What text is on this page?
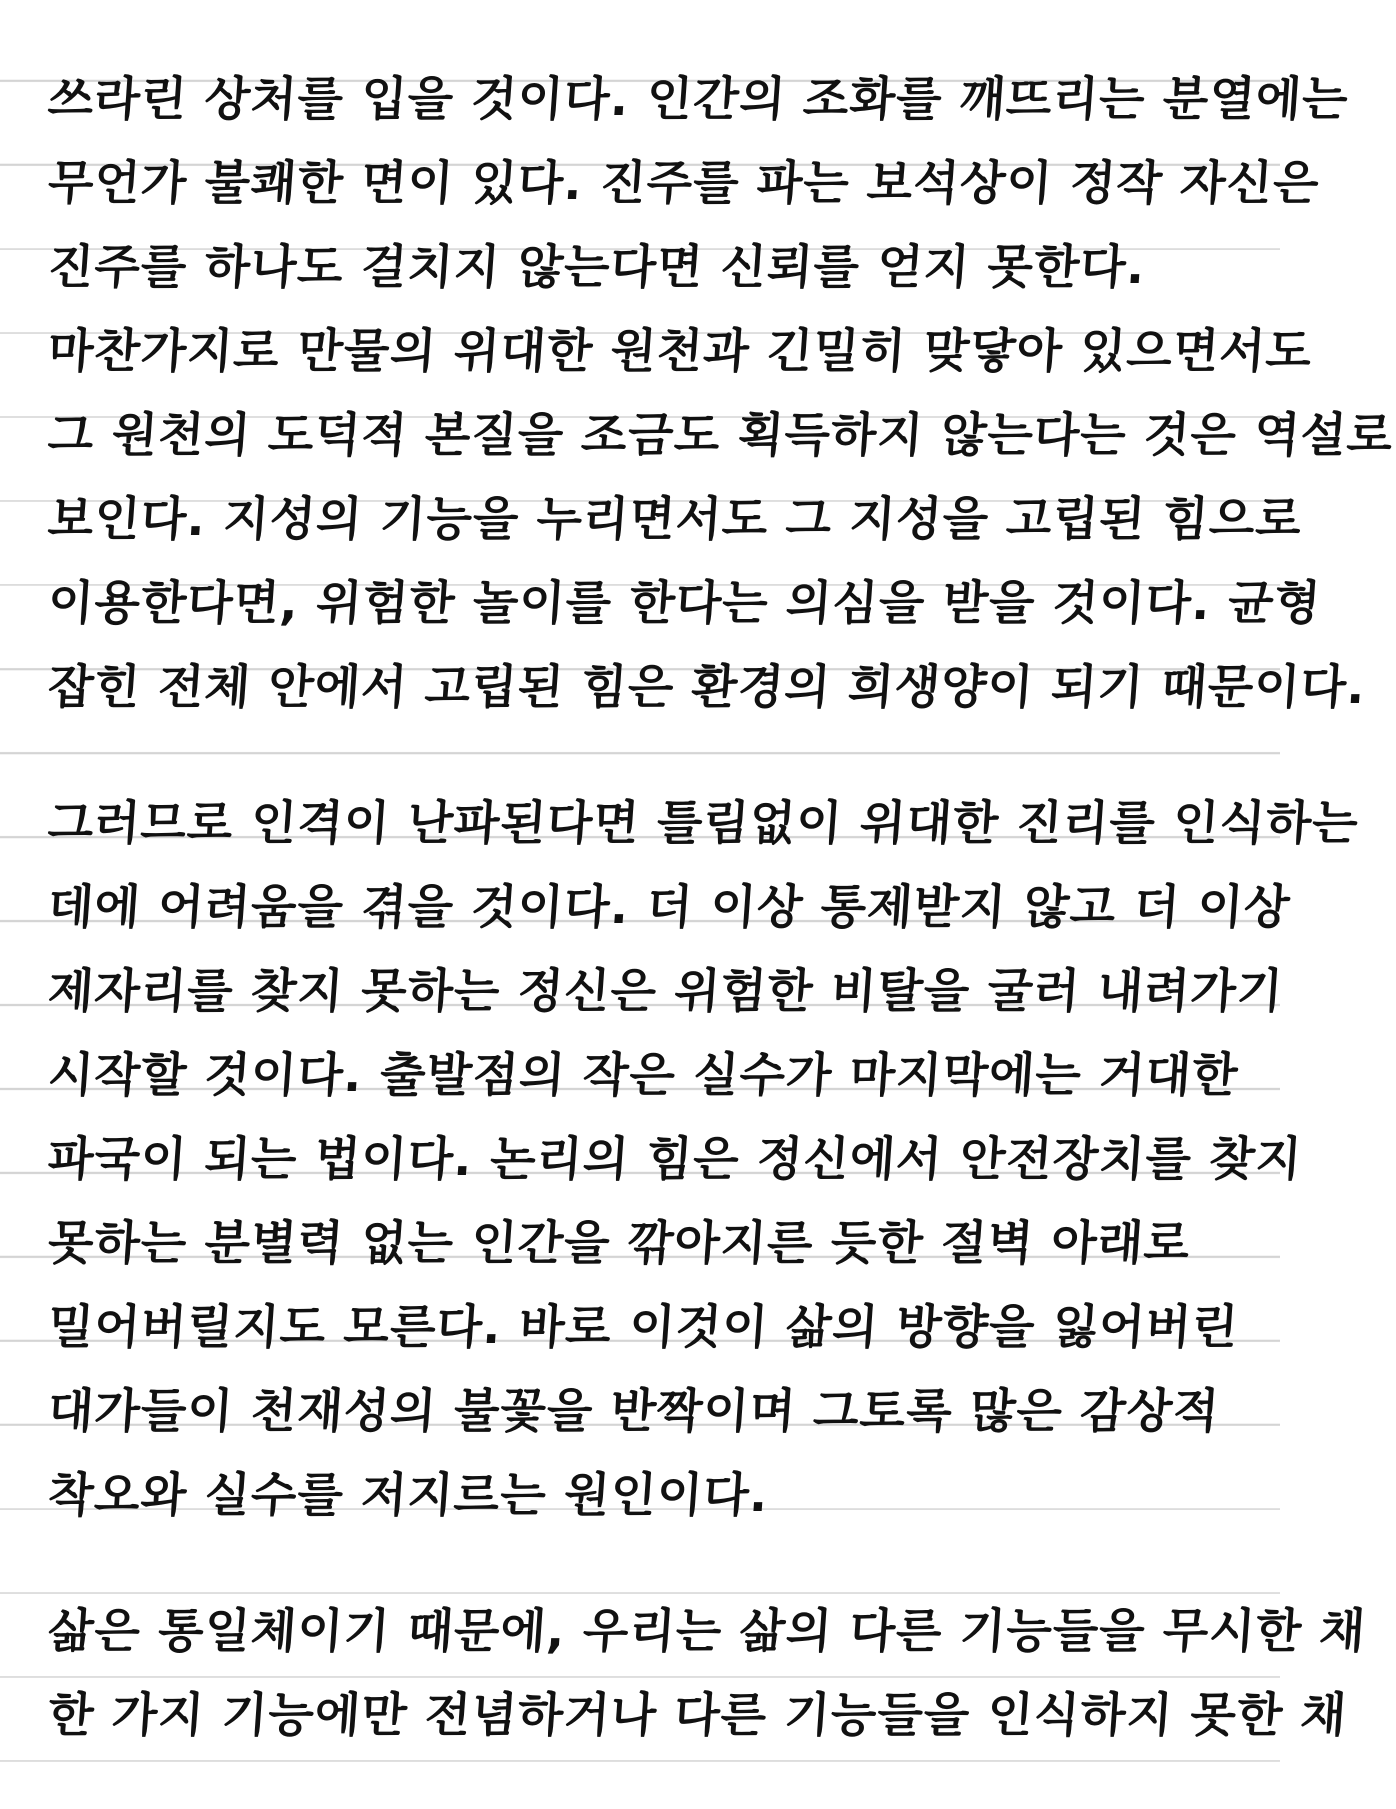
쓰라린 상처를 입을 것이다. 인간의 조화를 깨뜨리는 분열에는
무언가 불쾌한 면이 있다. 진주를 파는 보석상이 정작 자신은
진주를 하나도 걸치지 않는다면 신뢰를 얻지 못한다.
마찬가지로 만물의 위대한 원천과 긴밀히 맞닿아 있으면서도
그 원천의 도덕적 본질을 조금도 획득하지 않는다는 것은 역설로
보인다. 지성의 기능을 누리면서도 그 지성을 고립된 힘으로
이용한다면, 위험한 놀이를 한다는 의심을 받을 것이다. 균형
잡힌 전체 안에서 고립된 힘은 환경의 희생양이 되기 때문이다.
그러므로 인격이 난파된다면 틀림없이 위대한 진리를 인식하는
데에 어려움을 겪을 것이다. 더 이상 통제받지 않고 더 이상
제자리를 찾지 못하는 정신은 위험한 비탈을 굴러 내려가기
시작할 것이다. 출발점의 작은 실수가 마지막에는 거대한
파국이 되는 법이다. 논리의 힘은 정신에서 안전장치를 찾지
못하는 분별력 없는 인간을 깎아지른 듯한 절벽 아래로
밀어버릴지도 모른다. 바로 이것이 삶의 방향을 잃어버린
대가들이 천재성의 불꽃을 반짝이며 그토록 많은 감상적
착오와 실수를 저지르는 원인이다.
삶은 통일체이기 때문에, 우리는 삶의 다른 기능들을 무시한 채
한 가지 기능에만 전념하거나 다른 기능들을 인식하지 못한 채
